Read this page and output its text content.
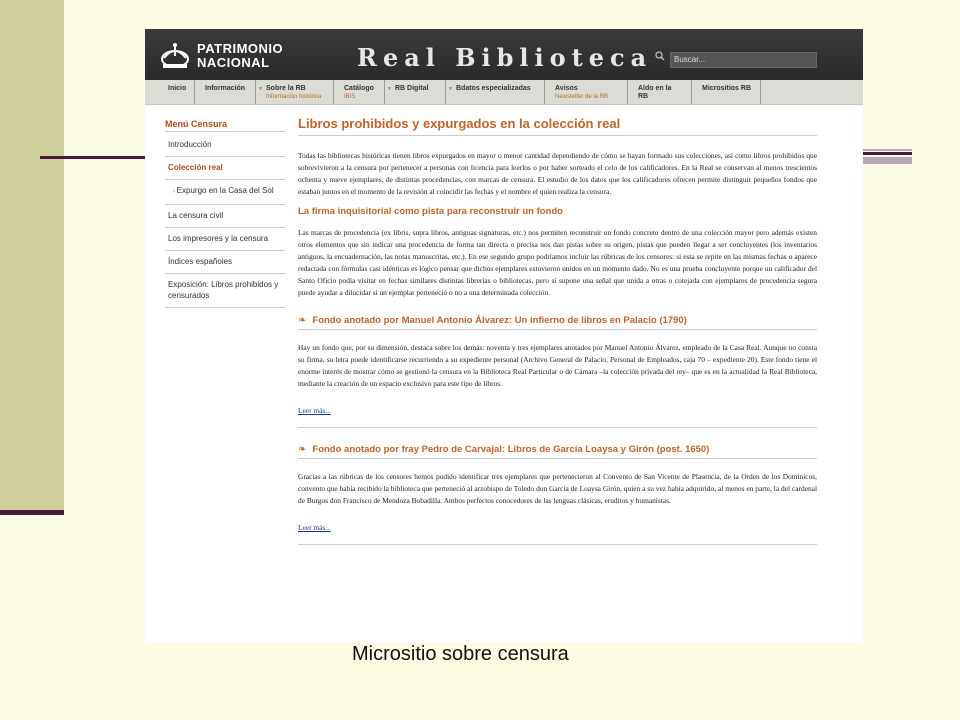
PATRIMONIO
NACIONAL	Real Biblioteca	Buscar...
Inicio	Información	▼ Sobre la RB
Información histórica
Catálogo
IBIS
▼ RB Digital	▼ Bdatos especializadas	Avisos
Newsletter de la RB
Aldo en la RB
Micrositios RB
Menú Censura
Introducción
Colección real
› Expurgo en la Casa del Sol
La censura civil
Los impresores y la censura
Índices españoles
Exposición: Libros prohibidos y censurados
Libros prohibidos y expurgados en la colección real

Todas las bibliotecas históricas tienen libros expurgados en mayor o menor cantidad dependiendo de cómo se hayan formado sus colecciones, así como libros prohibidos que sobrevivieron a la censura por pertenecer a personas con licencia para leerlos o por haber sorteado el celo de los calificadores. En la Real se conservan al menos trescientos ochenta y nueve ejemplares, de distintas procedencias, con marcas de censura. El estudio de los datos que los calificadores ofrecen permite distinguir pequeños fondos que estaban juntos en el momento de la revisión al coincidir las fechas y el nombre el quien realiza la censura.

La firma inquisitorial como pista para reconstruir un fondo

Las marcas de procedencia (ex libris, supra libros, antiguas signaturas, etc.) nos permiten reconstruir un fondo concreto dentro de una colección mayor pero además existen otros elementos que sin indicar una procedencia de forma tan directa o precisa nos dan pistas sobre su origen, pistas que pueden llegar a ser concluyentes (los inventarios antiguos, la encuadernación, las notas manuscritas, etc.). En ese segundo grupo podríamos incluir las rúbricas de los censores: si esta se repite en las mismas fechas o aparece redactada con fórmulas casi idénticas es lógico pensar que dichos ejemplares estuvieron unidos en un momento dado. No es una prueba concluyente porque un calificador del Santo Oficio podía visitar en fechas similares distintas librerías o bibliotecas, pero sí supone una señal que unida a otras o cotejada con ejemplares de procedencia segura puede ayudar a dilucidar si un ejemplar perteneció o no a una determinada colección.

❧ Fondo anotado por Manuel Antonio Álvarez: Un infierno de libros en Palacio (1790)

Hay un fondo que, por su dimensión, destaca sobre los demás: noventa y tres ejemplares anotados por Manuel Antonio Álvarez, empleado de la Casa Real. Aunque no consta su firma, su letra puede identificarse recurriendo a su expediente personal (Archivo General de Palacio, Personal de Empleados, caja 70 – expediente 20). Este fondo tiene el enorme interés de mostrar cómo se gestionó la censura en la Biblioteca Real Particular o de Cámara –la colección privada del rey– que es en la actualidad la Real Biblioteca, mediante la creación de un espacio exclusivo para este tipo de libros.

Leer más...
❧ Fondo anotado por fray Pedro de Carvajal: Libros de García Loaysa y Girón (post. 1650)

Gracias a las rúbricas de los censores hemos podido identificar tres ejemplares que pertenecieron al Convento de San Vicente de Plasencia, de la Orden de los Dominicos, convento que había recibido la biblioteca que perteneció al arzobispo de Toledo don García de Loaysa Girón, quien a su vez había adquirido, al menos en parte, la del cardenal de Burgos don Francisco de Mendoza Bobadilla. Ambos perfectos conocedores de las lenguas clásicas, eruditos y humanistas.

Leer más...
Micrositio sobre censura
